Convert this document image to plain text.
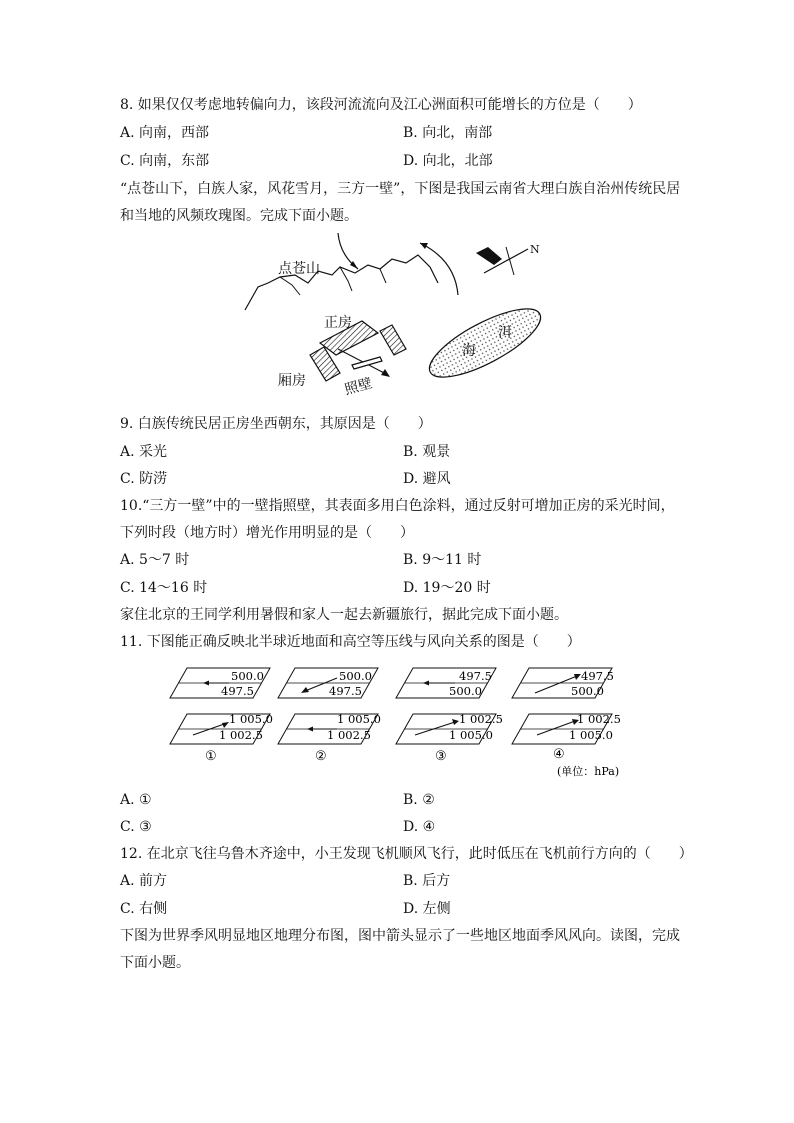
8. 如果仅仅考虑地转偏向力，该段河流流向及江心洲面积可能增长的方位是（　　）
A. 向南，西部	B. 向北，南部
C. 向南，东部	D. 向北，北部
“点苍山下，白族人家，风花雪月，三方一壁”，下图是我国云南省大理白族自治州传统民居
和当地的风频玫瑰图。完成下面小题。
N
点苍山
海
洱
正房
厢房	照壁
9. 白族传统民居正房坐西朝东，其原因是（　　）
A. 采光	B. 观景
C. 防涝	D. 避风
10.“三方一壁”中的一壁指照壁，其表面多用白色涂料，通过反射可增加正房的采光时间，
下列时段（地方时）增光作用明显的是（　　）
A. 5～7 时	B. 9～11 时
C. 14～16 时	D. 19～20 时
家住北京的王同学利用暑假和家人一起去新疆旅行，据此完成下面小题。
11. 下图能正确反映北半球近地面和高空等压线与风向关系的图是（　　）
500.0
497.5
1 005.0
1 002.5
①
500.0
497.5
1 005.0
1 002.5
②
497.5
500.0
1 002.5
1 005.0
③
497.5
500.0
1 002.5
1 005.0
④
(单位：hPa)
A. ①	B. ②
C. ③	D. ④
12. 在北京飞往乌鲁木齐途中，小王发现飞机顺风飞行，此时低压在飞机前行方向的（　　）
A. 前方	B. 后方
C. 右侧	D. 左侧
下图为世界季风明显地区地理分布图，图中箭头显示了一些地区地面季风风向。读图，完成
下面小题。
